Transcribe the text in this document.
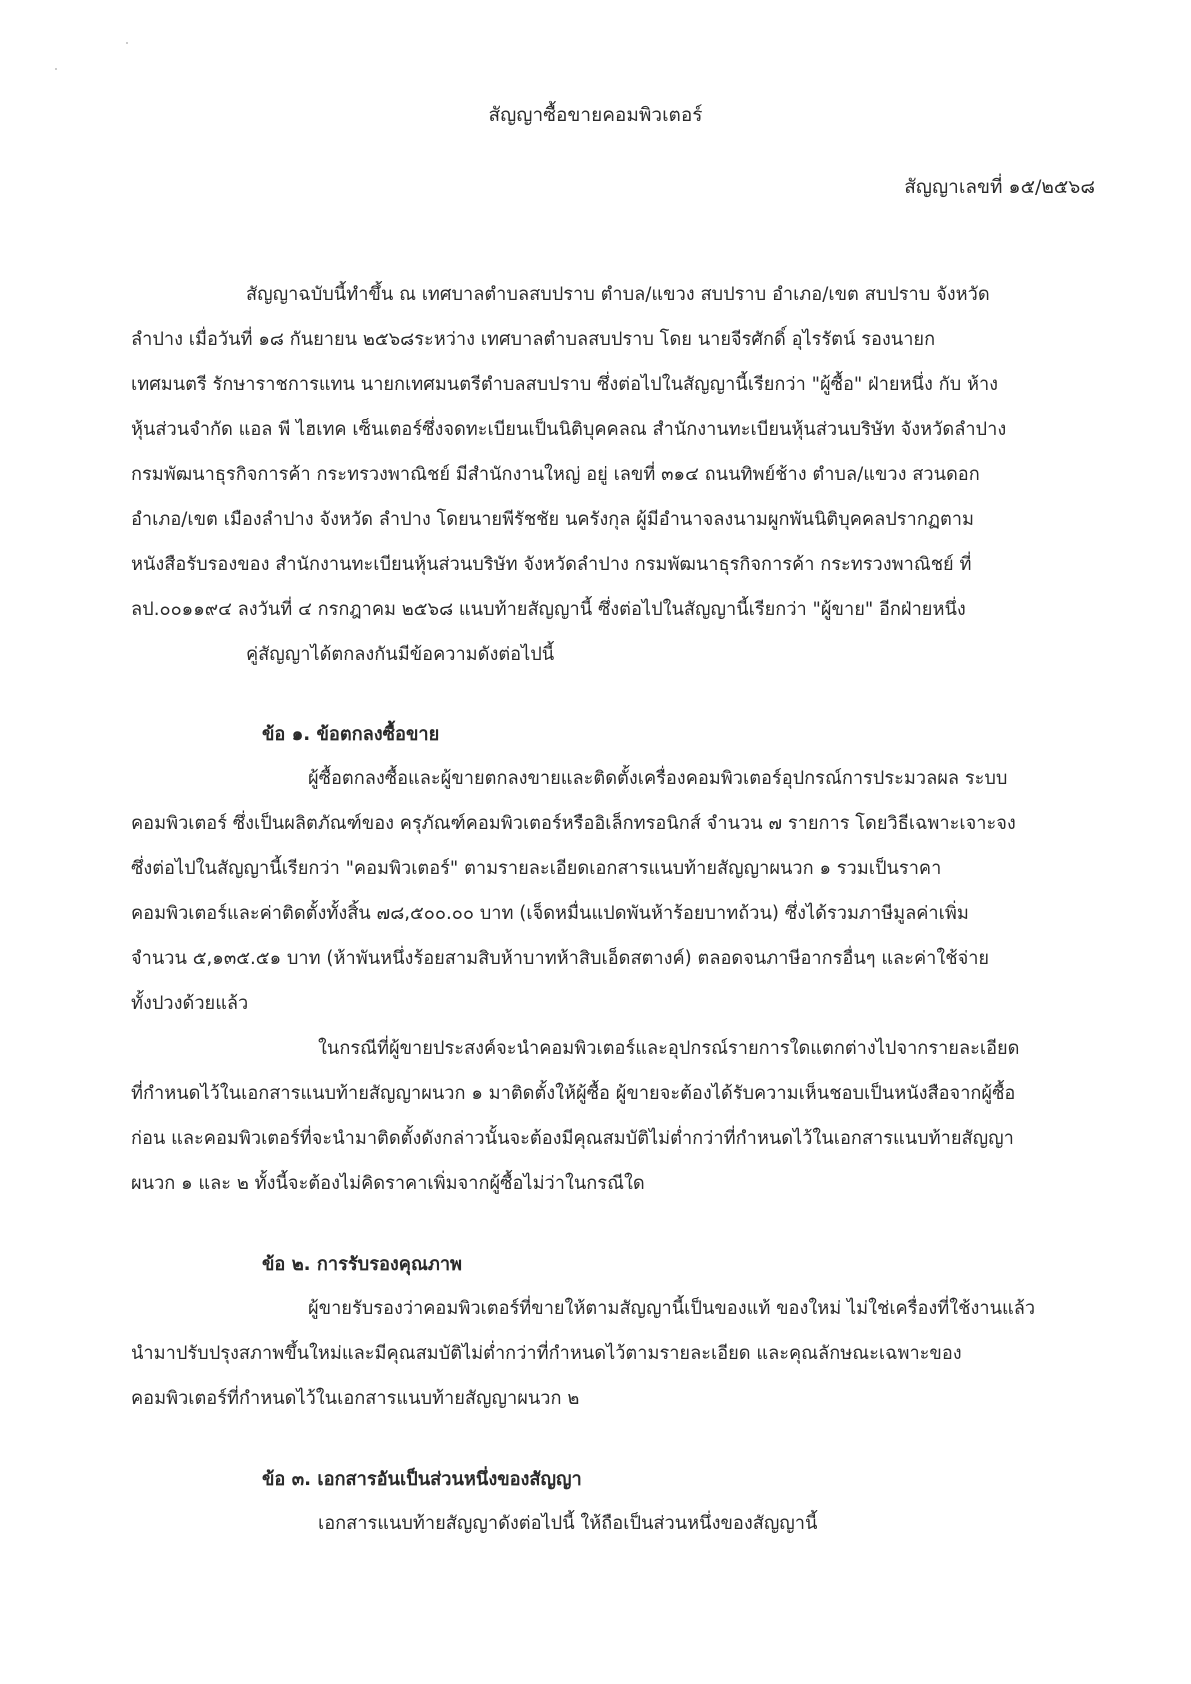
สัญญาซื้อขายคอมพิวเตอร์
สัญญาเลขที่ ๑๕/๒๕๖๘
สัญญาฉบับนี้ทำขึ้น ณ เทศบาลตำบลสบปราบ ตำบล/แขวง สบปราบ อำเภอ/เขต สบปราบ จังหวัด
ลำปาง เมื่อวันที่ ๑๘ กันยายน ๒๕๖๘ระหว่าง เทศบาลตำบลสบปราบ โดย นายจีรศักดิ์ อุไรรัตน์ รองนายก
เทศมนตรี รักษาราชการแทน นายกเทศมนตรีตำบลสบปราบ ซึ่งต่อไปในสัญญานี้เรียกว่า "ผู้ซื้อ" ฝ่ายหนึ่ง กับ ห้าง
หุ้นส่วนจำกัด แอล พี ไฮเทค เซ็นเตอร์ซึ่งจดทะเบียนเป็นนิติบุคคลณ สำนักงานทะเบียนหุ้นส่วนบริษัท จังหวัดลำปาง
กรมพัฒนาธุรกิจการค้า กระทรวงพาณิชย์ มีสำนักงานใหญ่ อยู่ เลขที่ ๓๑๔ ถนนทิพย์ช้าง ตำบล/แขวง สวนดอก
อำเภอ/เขต เมืองลำปาง จังหวัด ลำปาง โดยนายพีรัชชัย นครังกุล ผู้มีอำนาจลงนามผูกพันนิติบุคคลปรากฏตาม
หนังสือรับรองของ สำนักงานทะเบียนหุ้นส่วนบริษัท จังหวัดลำปาง กรมพัฒนาธุรกิจการค้า กระทรวงพาณิชย์ ที่
ลป.๐๐๑๑๙๔ ลงวันที่ ๔ กรกฎาคม ๒๕๖๘ แนบท้ายสัญญานี้ ซึ่งต่อไปในสัญญานี้เรียกว่า "ผู้ขาย" อีกฝ่ายหนึ่ง
คู่สัญญาได้ตกลงกันมีข้อความดังต่อไปนี้
ข้อ ๑. ข้อตกลงซื้อขาย
ผู้ซื้อตกลงซื้อและผู้ขายตกลงขายและติดตั้งเครื่องคอมพิวเตอร์อุปกรณ์การประมวลผล ระบบ
คอมพิวเตอร์ ซึ่งเป็นผลิตภัณฑ์ของ ครุภัณฑ์คอมพิวเตอร์หรืออิเล็กทรอนิกส์ จำนวน ๗ รายการ โดยวิธีเฉพาะเจาะจง
ซึ่งต่อไปในสัญญานี้เรียกว่า "คอมพิวเตอร์" ตามรายละเอียดเอกสารแนบท้ายสัญญาผนวก ๑ รวมเป็นราคา
คอมพิวเตอร์และค่าติดตั้งทั้งสิ้น ๗๘,๕๐๐.๐๐ บาท (เจ็ดหมื่นแปดพันห้าร้อยบาทถ้วน) ซึ่งได้รวมภาษีมูลค่าเพิ่ม
จำนวน ๕,๑๓๕.๕๑ บาท (ห้าพันหนึ่งร้อยสามสิบห้าบาทห้าสิบเอ็ดสตางค์) ตลอดจนภาษีอากรอื่นๆ และค่าใช้จ่าย
ทั้งปวงด้วยแล้ว
ในกรณีที่ผู้ขายประสงค์จะนำคอมพิวเตอร์และอุปกรณ์รายการใดแตกต่างไปจากรายละเอียด
ที่กำหนดไว้ในเอกสารแนบท้ายสัญญาผนวก ๑ มาติดตั้งให้ผู้ซื้อ ผู้ขายจะต้องได้รับความเห็นชอบเป็นหนังสือจากผู้ซื้อ
ก่อน และคอมพิวเตอร์ที่จะนำมาติดตั้งดังกล่าวนั้นจะต้องมีคุณสมบัติไม่ต่ำกว่าที่กำหนดไว้ในเอกสารแนบท้ายสัญญา
ผนวก ๑ และ ๒ ทั้งนี้จะต้องไม่คิดราคาเพิ่มจากผู้ซื้อไม่ว่าในกรณีใด
ข้อ ๒. การรับรองคุณภาพ
ผู้ขายรับรองว่าคอมพิวเตอร์ที่ขายให้ตามสัญญานี้เป็นของแท้ ของใหม่ ไม่ใช่เครื่องที่ใช้งานแล้ว
นำมาปรับปรุงสภาพขึ้นใหม่และมีคุณสมบัติไม่ต่ำกว่าที่กำหนดไว้ตามรายละเอียด และคุณลักษณะเฉพาะของ
คอมพิวเตอร์ที่กำหนดไว้ในเอกสารแนบท้ายสัญญาผนวก ๒
ข้อ ๓. เอกสารอันเป็นส่วนหนึ่งของสัญญา
เอกสารแนบท้ายสัญญาดังต่อไปนี้ ให้ถือเป็นส่วนหนึ่งของสัญญานี้
